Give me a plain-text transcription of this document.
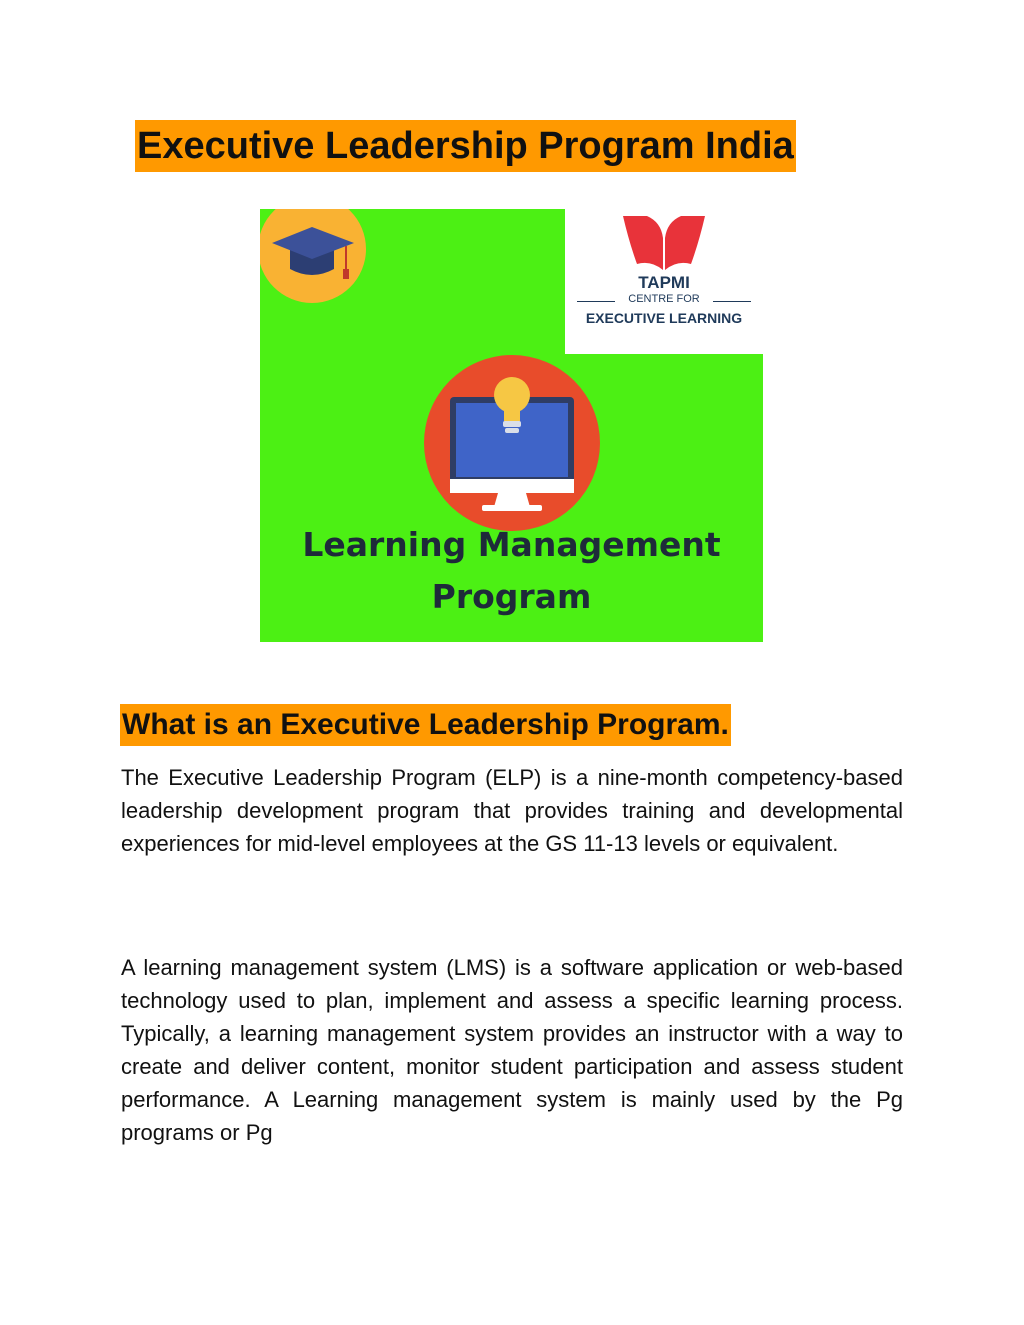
Executive Leadership Program India
TAPMI
CENTRE FOR
EXECUTIVE LEARNING
Learning Management
Program
What is an Executive Leadership Program.

The Executive Leadership Program (ELP) is a nine-month competency-based leadership development program that provides training and developmental experiences for mid-level employees at the GS 11-13 levels or equivalent.

A learning management system (LMS) is a software application or web-based technology used to plan, implement and assess a specific learning process. Typically, a learning management system provides an instructor with a way to create and deliver content, monitor student participation and assess student performance. A Learning management system is mainly used by the Pg programs or Pg
